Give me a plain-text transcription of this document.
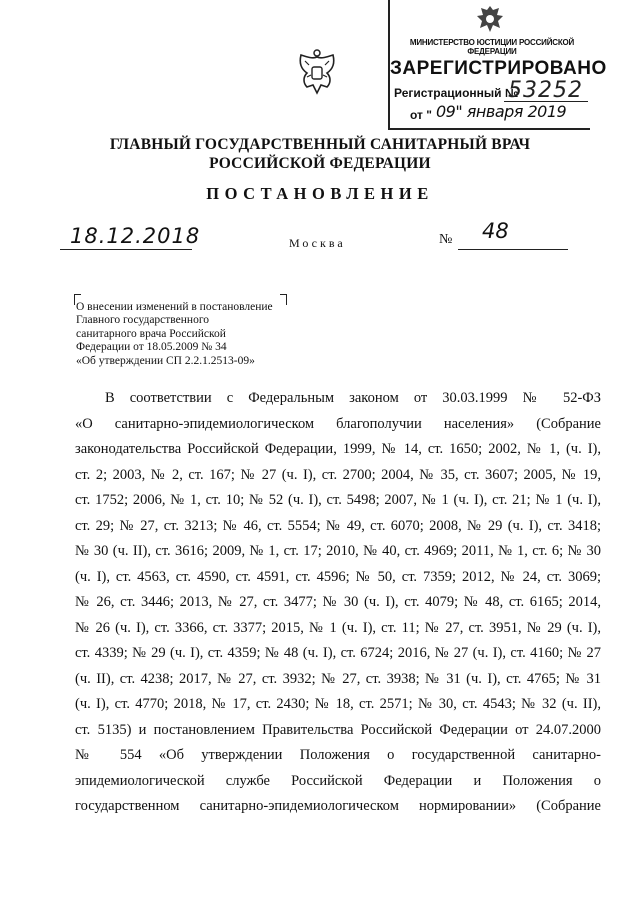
МИНИСТЕРСТВО ЮСТИЦИИ РОССИЙСКОЙ ФЕДЕРАЦИИ
ЗАРЕГИСТРИРОВАНО
Регистрационный №
53252
от " 09" января 2019
ГЛАВНЫЙ ГОСУДАРСТВЕННЫЙ САНИТАРНЫЙ ВРАЧ
РОССИЙСКОЙ ФЕДЕРАЦИИ
ПОСТАНОВЛЕНИЕ
18.12.2018	Москва	№ 48
О внесении изменений в постановление
Главного государственного
санитарного врача Российской
Федерации от 18.05.2009 № 34
«Об утверждении СП 2.2.1.2513-09»
В соответствии с Федеральным законом от 30.03.1999 № 52-ФЗ
«О санитарно-эпидемиологическом благополучии населения» (Собрание
законодательства Российской Федерации, 1999, № 14, ст. 1650; 2002, № 1, (ч. I),
ст. 2; 2003, № 2, ст. 167; № 27 (ч. I), ст. 2700; 2004, № 35, ст. 3607; 2005, № 19,
ст. 1752; 2006, № 1, ст. 10; № 52 (ч. I), ст. 5498; 2007, № 1 (ч. I), ст. 21; № 1 (ч. I),
ст. 29; № 27, ст. 3213; № 46, ст. 5554; № 49, ст. 6070; 2008, № 29 (ч. I), ст. 3418;
№ 30 (ч. II), ст. 3616; 2009, № 1, ст. 17; 2010, № 40, ст. 4969; 2011, № 1, ст. 6; № 30
(ч. I), ст. 4563, ст. 4590, ст. 4591, ст. 4596; № 50, ст. 7359; 2012, № 24, ст. 3069;
№ 26, ст. 3446; 2013, № 27, ст. 3477; № 30 (ч. I), ст. 4079; № 48, ст. 6165; 2014,
№ 26 (ч. I), ст. 3366, ст. 3377; 2015, № 1 (ч. I), ст. 11; № 27, ст. 3951, № 29 (ч. I),
ст. 4339; № 29 (ч. I), ст. 4359; № 48 (ч. I), ст. 6724; 2016, № 27 (ч. I), ст. 4160; № 27
(ч. II), ст. 4238; 2017, № 27, ст. 3932; № 27, ст. 3938; № 31 (ч. I), ст. 4765; № 31
(ч. I), ст. 4770; 2018, № 17, ст. 2430; № 18, ст. 2571; № 30, ст. 4543; № 32 (ч. II),
ст. 5135) и постановлением Правительства Российской Федерации от 24.07.2000
№ 554 «Об утверждении Положения о государственной санитарно-
эпидемиологической службе Российской Федерации и Положения о
государственном санитарно-эпидемиологическом нормировании» (Собрание
